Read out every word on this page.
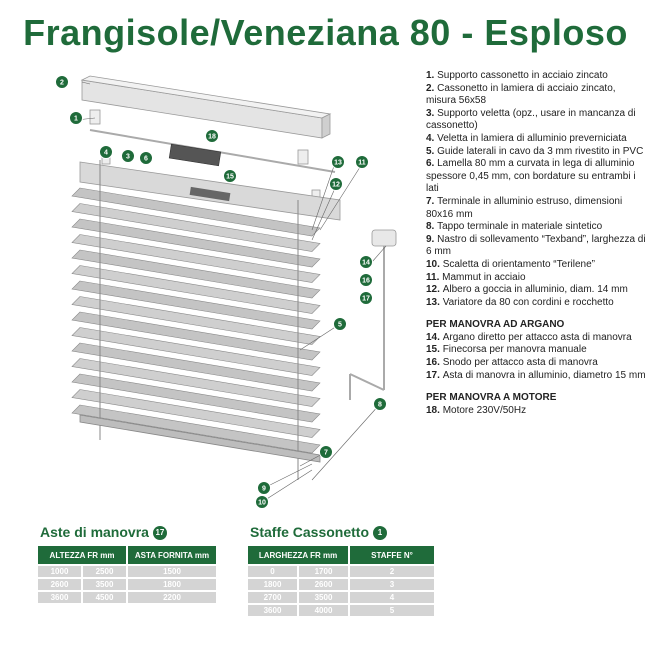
Frangisole/Veneziana 80 - Esploso
1
2
3
4
5
6
7
8
9
10
11
12
13
14
15
16
17
18
1. Supporto cassonetto in acciaio zincato
2. Cassonetto in lamiera di acciaio zincato, misura 56x58
3. Supporto veletta (opz., usare in mancanza di cassonetto)
4. Veletta in lamiera di alluminio preverniciata
5. Guide laterali in cavo da 3 mm rivestito in PVC
6. Lamella 80 mm a curvata in lega di alluminio spessore 0,45 mm, con bordature su entrambi i lati
7. Terminale in alluminio estruso, dimensioni 80x16 mm
8. Tappo terminale in materiale sintetico
9. Nastro di sollevamento “Texband”, larghezza di 6 mm
10. Scaletta di orientamento “Terilene”
11. Mammut in acciaio
12. Albero a goccia in alluminio, diam. 14 mm
13. Variatore da 80 con cordini e rocchetto
PER MANOVRA AD ARGANO
14. Argano diretto per attacco asta di manovra
15. Finecorsa per manovra manuale
16. Snodo per attacco asta di manovra
17. Asta di manovra in alluminio, diametro 15 mm
PER MANOVRA A MOTORE
18. Motore 230V/50Hz
Aste di manovra 17
ALTEZZA FR mm		ASTA FORNITA mm
1000	2500	1500
2600	3500	1800
3600	4500	2200
Staffe Cassonetto 1
LARGHEZZA FR mm		STAFFE N°
0	1700	2
1800	2600	3
2700	3500	4
3600	4000	5
